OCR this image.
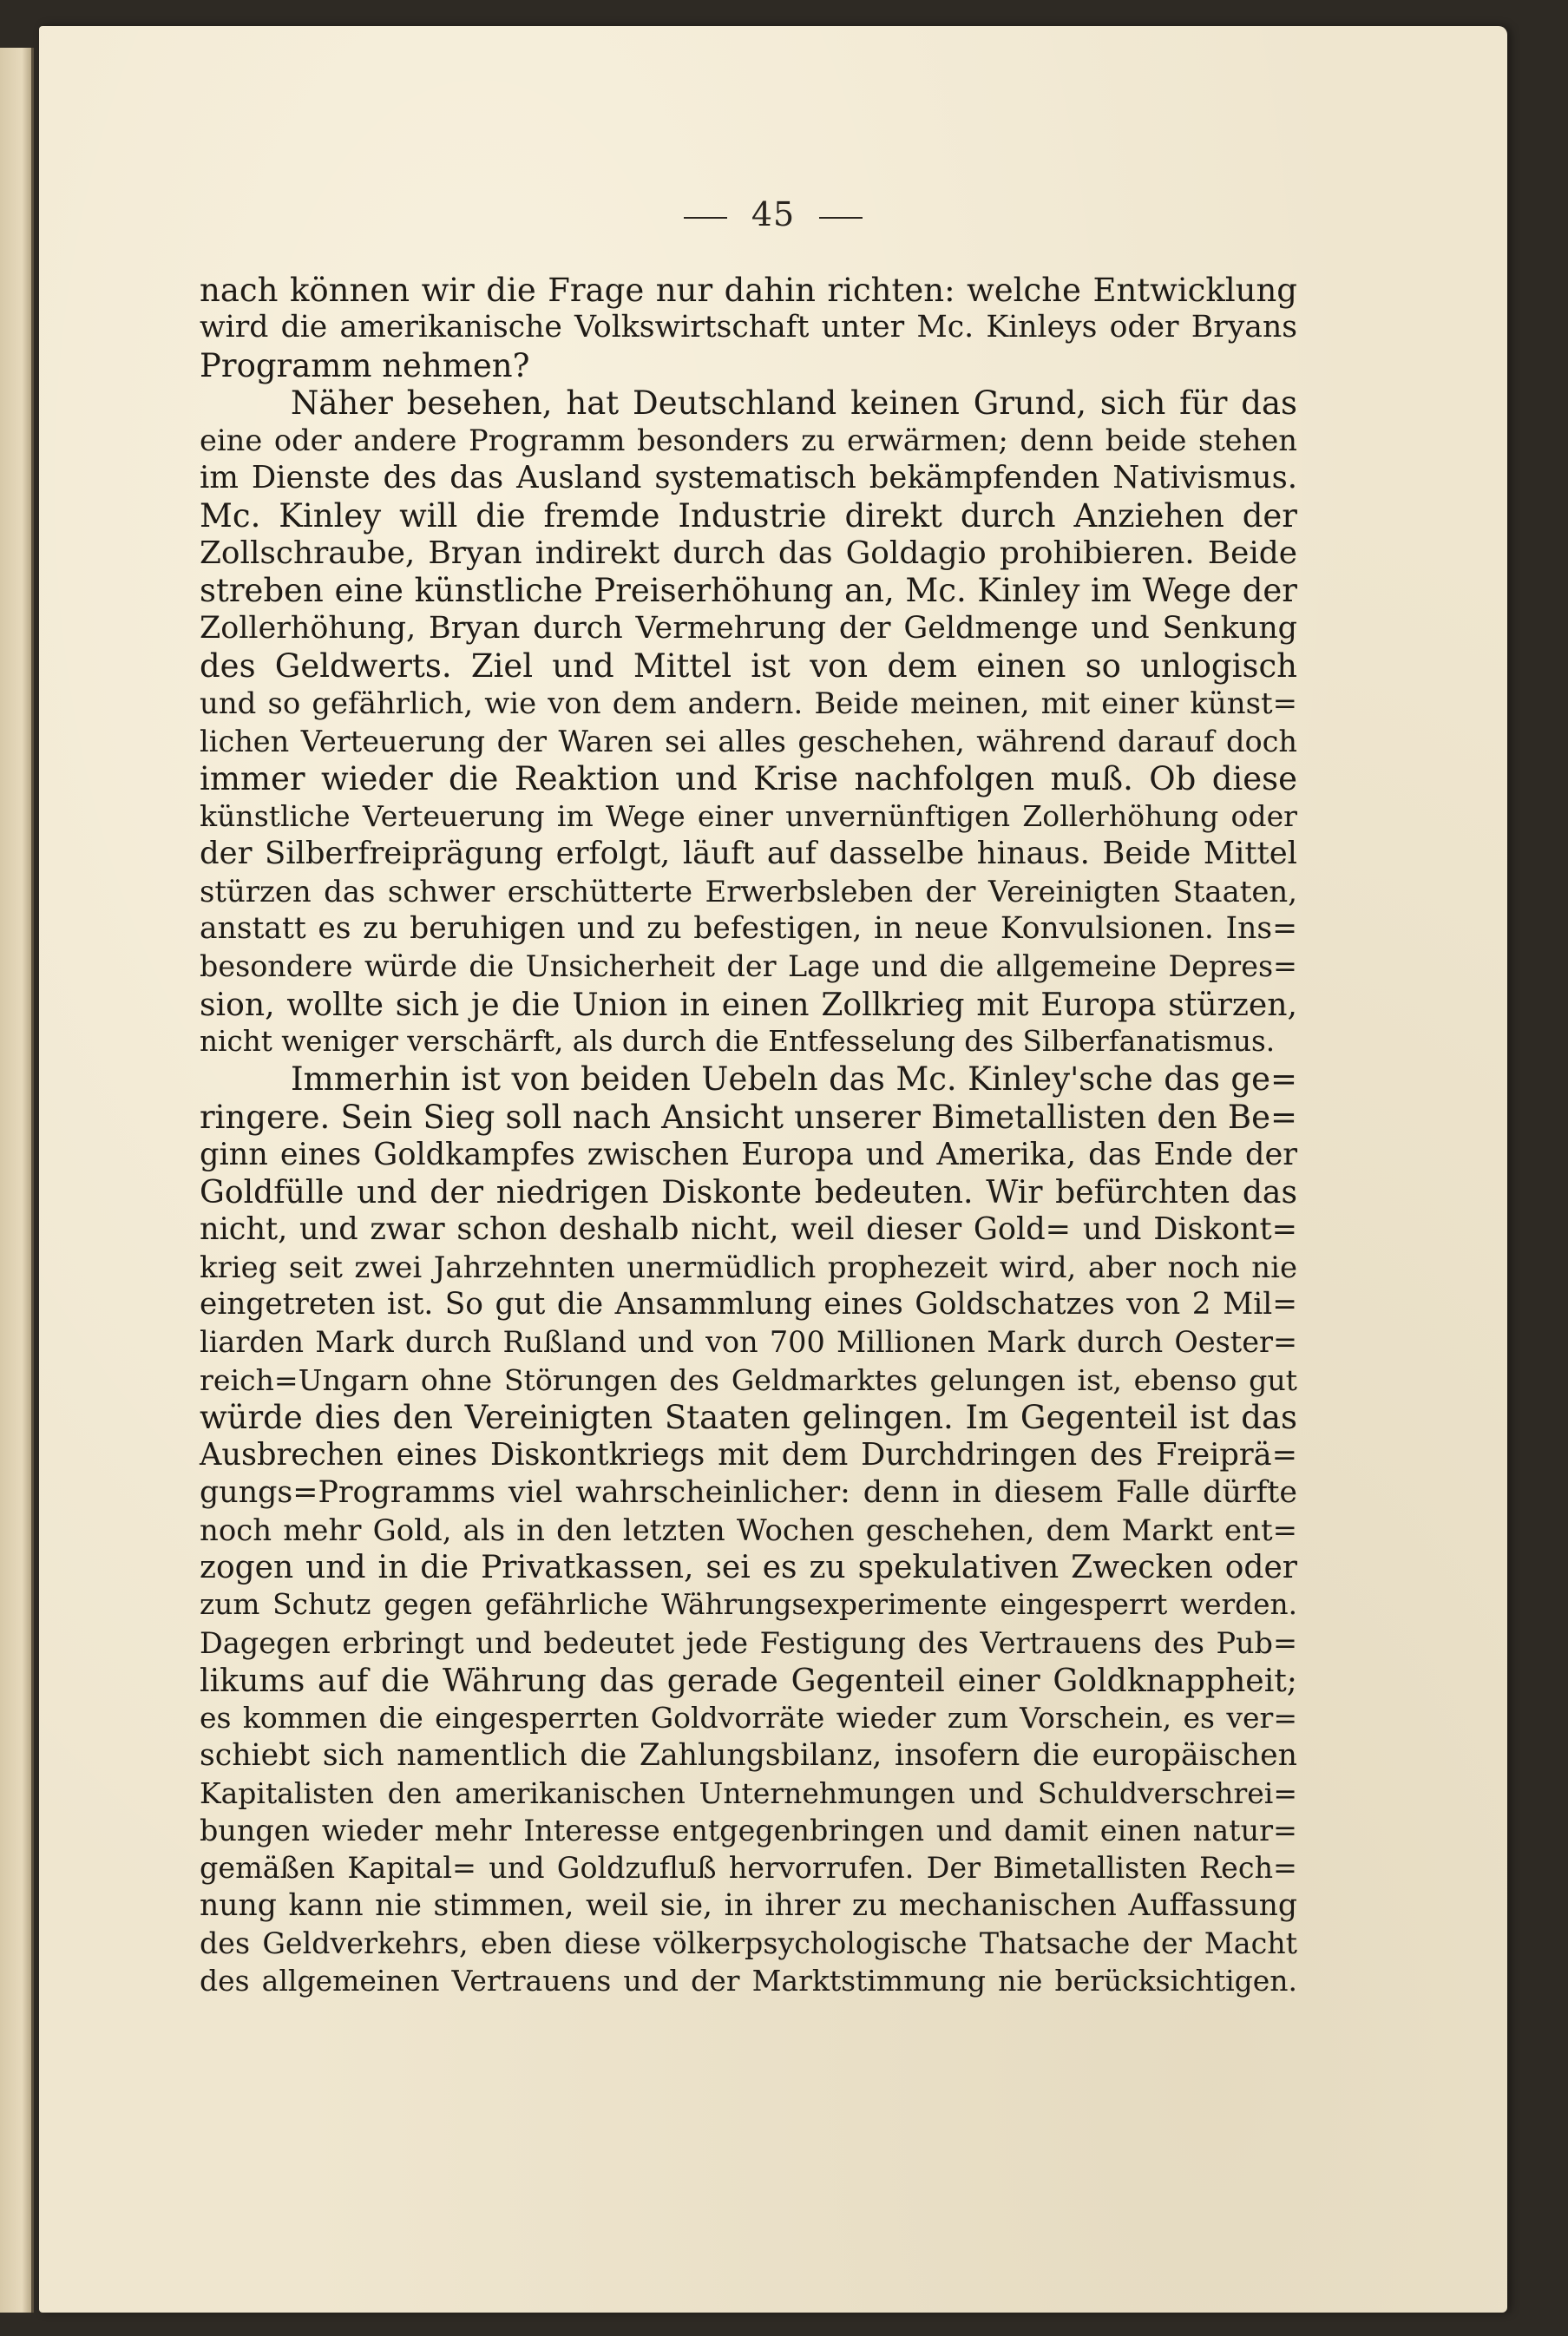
45
nach können wir die Frage nur dahin richten: welche Entwicklung
wird die amerikanische Volkswirtschaft unter Mc. Kinleys oder Bryans
Programm nehmen?
Näher besehen, hat Deutschland keinen Grund, sich für das
eine oder andere Programm besonders zu erwärmen; denn beide stehen
im Dienste des das Ausland systematisch bekämpfenden Nativismus.
Mc. Kinley will die fremde Industrie direkt durch Anziehen der
Zollschraube, Bryan indirekt durch das Goldagio prohibieren. Beide
streben eine künstliche Preiserhöhung an, Mc. Kinley im Wege der
Zollerhöhung, Bryan durch Vermehrung der Geldmenge und Senkung
des Geldwerts. Ziel und Mittel ist von dem einen so unlogisch
und so gefährlich, wie von dem andern. Beide meinen, mit einer künst=
lichen Verteuerung der Waren sei alles geschehen, während darauf doch
immer wieder die Reaktion und Krise nachfolgen muß. Ob diese
künstliche Verteuerung im Wege einer unvernünftigen Zollerhöhung oder
der Silberfreiprägung erfolgt, läuft auf dasselbe hinaus. Beide Mittel
stürzen das schwer erschütterte Erwerbsleben der Vereinigten Staaten,
anstatt es zu beruhigen und zu befestigen, in neue Konvulsionen. Ins=
besondere würde die Unsicherheit der Lage und die allgemeine Depres=
sion, wollte sich je die Union in einen Zollkrieg mit Europa stürzen,
nicht weniger verschärft, als durch die Entfesselung des Silberfanatismus.
Immerhin ist von beiden Uebeln das Mc. Kinley'sche das ge=
ringere. Sein Sieg soll nach Ansicht unserer Bimetallisten den Be=
ginn eines Goldkampfes zwischen Europa und Amerika, das Ende der
Goldfülle und der niedrigen Diskonte bedeuten. Wir befürchten das
nicht, und zwar schon deshalb nicht, weil dieser Gold= und Diskont=
krieg seit zwei Jahrzehnten unermüdlich prophezeit wird, aber noch nie
eingetreten ist. So gut die Ansammlung eines Goldschatzes von 2 Mil=
liarden Mark durch Rußland und von 700 Millionen Mark durch Oester=
reich=Ungarn ohne Störungen des Geldmarktes gelungen ist, ebenso gut
würde dies den Vereinigten Staaten gelingen. Im Gegenteil ist das
Ausbrechen eines Diskontkriegs mit dem Durchdringen des Freiprä=
gungs=Programms viel wahrscheinlicher: denn in diesem Falle dürfte
noch mehr Gold, als in den letzten Wochen geschehen, dem Markt ent=
zogen und in die Privatkassen, sei es zu spekulativen Zwecken oder
zum Schutz gegen gefährliche Währungsexperimente eingesperrt werden.
Dagegen erbringt und bedeutet jede Festigung des Vertrauens des Pub=
likums auf die Währung das gerade Gegenteil einer Goldknappheit;
es kommen die eingesperrten Goldvorräte wieder zum Vorschein, es ver=
schiebt sich namentlich die Zahlungsbilanz, insofern die europäischen
Kapitalisten den amerikanischen Unternehmungen und Schuldverschrei=
bungen wieder mehr Interesse entgegenbringen und damit einen natur=
gemäßen Kapital= und Goldzufluß hervorrufen. Der Bimetallisten Rech=
nung kann nie stimmen, weil sie, in ihrer zu mechanischen Auffassung
des Geldverkehrs, eben diese völkerpsychologische Thatsache der Macht
des allgemeinen Vertrauens und der Marktstimmung nie berücksichtigen.
